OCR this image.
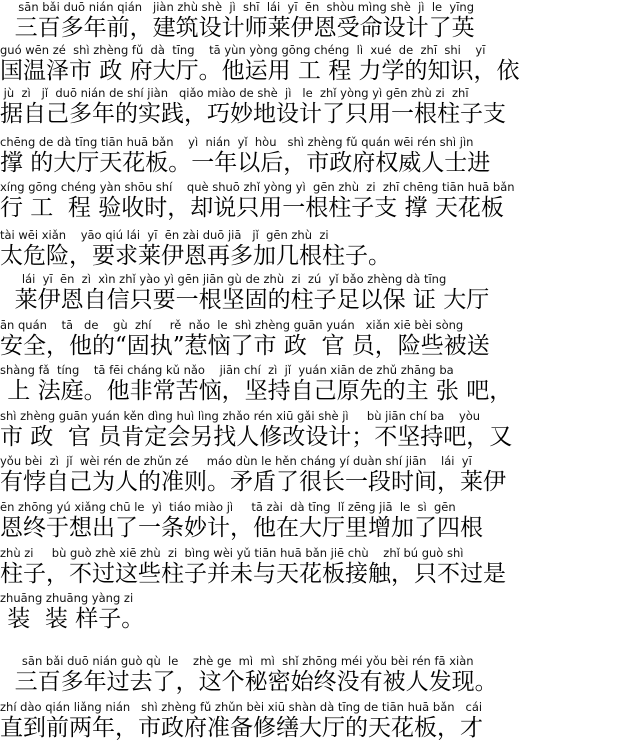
sān bǎi duō nián qián   jiàn zhù shè  jì  shī  lái  yī  ēn  shòu mìng shè  jì  le  yīng
三百多年前，建筑设计师莱伊恩受命设计了英
guó wēn zé  shì zhèng fǔ  dà  tīng    tā yùn yòng gōng chéng  lì  xué  de  zhī  shi    yī
国温泽市 政 府大厅。他运用 工 程 力学的知识，依
jù  zì   jǐ  duō nián de shí jiàn   qiǎo miào de shè  jì   le  zhǐ yòng yì gēn zhù zi  zhī
据自己多年的实践，巧妙地设计了只用一根柱子支
chēng de dà tīng tiān huā bǎn    yì  nián  yǐ  hòu   shì zhèng fǔ quán wēi rén shì jìn
撑 的大厅天花板。一年以后，市政府权威人士进
xíng gōng chéng yàn shōu shí    què shuō zhǐ yòng yì  gēn zhù  zi  zhī chēng tiān huā bǎn
行 工  程 验收时，却说只用一根柱子支 撑 天花板
tài wēi xiǎn    yāo qiú lái  yī  ēn zài duō jiā   jǐ  gēn zhù  zi
太危险，要求莱伊恩再多加几根柱子。
lái  yī  ēn  zì  xìn zhǐ yào yì gēn jiān gù de zhù  zi  zú  yǐ bǎo zhèng dà tīng
莱伊恩自信只要一根坚固的柱子足以保 证 大厅
ān quán    tā   de    gù  zhí     rě  nǎo  le  shì zhèng guān yuán   xiǎn xiē bèi sòng
安全，他的“固执”惹恼了市 政  官 员，险些被送
shàng fǎ  tíng    tā fēi cháng kǔ nǎo    jiān chí  zì  jǐ  yuán xiān de zhǔ zhāng ba
上 法庭。他非常苦恼，坚持自己原先的主 张 吧，
shì zhèng guān yuán kěn dìng huì lìng zhǎo rén xiū gǎi shè jì     bù jiān chí ba    yòu
市 政  官 员肯定会另找人修改设计；不坚持吧，又
yǒu bèi  zì  jǐ  wèi rén de zhǔn zé     máo dùn le hěn cháng yí duàn shí jiān    lái  yī
有悖自己为人的准则。矛盾了很长一段时间，莱伊
ēn zhōng yú xiǎng chū le  yì  tiáo miào jì     tā zài  dà tīng  lǐ zēng jiā  le  sì  gēn
恩终于想出了一条妙计，他在大厅里增加了四根
zhù zi     bù guò zhè xiē zhù  zi  bìng wèi yǔ tiān huā bǎn jiē chù    zhǐ bú guò shì
柱子，不过这些柱子并未与天花板接触，只不过是
zhuāng zhuāng yàng zi
装  装 样子。
sān bǎi duō nián guò qù  le    zhè ge  mì  mì  shǐ zhōng méi yǒu bèi rén fā xiàn
三百多年过去了，这个秘密始终没有被人发现。
zhí dào qián liǎng nián   shì zhèng fǔ zhǔn bèi xiū shàn dà tīng de tiān huā bǎn   cái
直到前两年，市政府准备修缮大厅的天花板，才
